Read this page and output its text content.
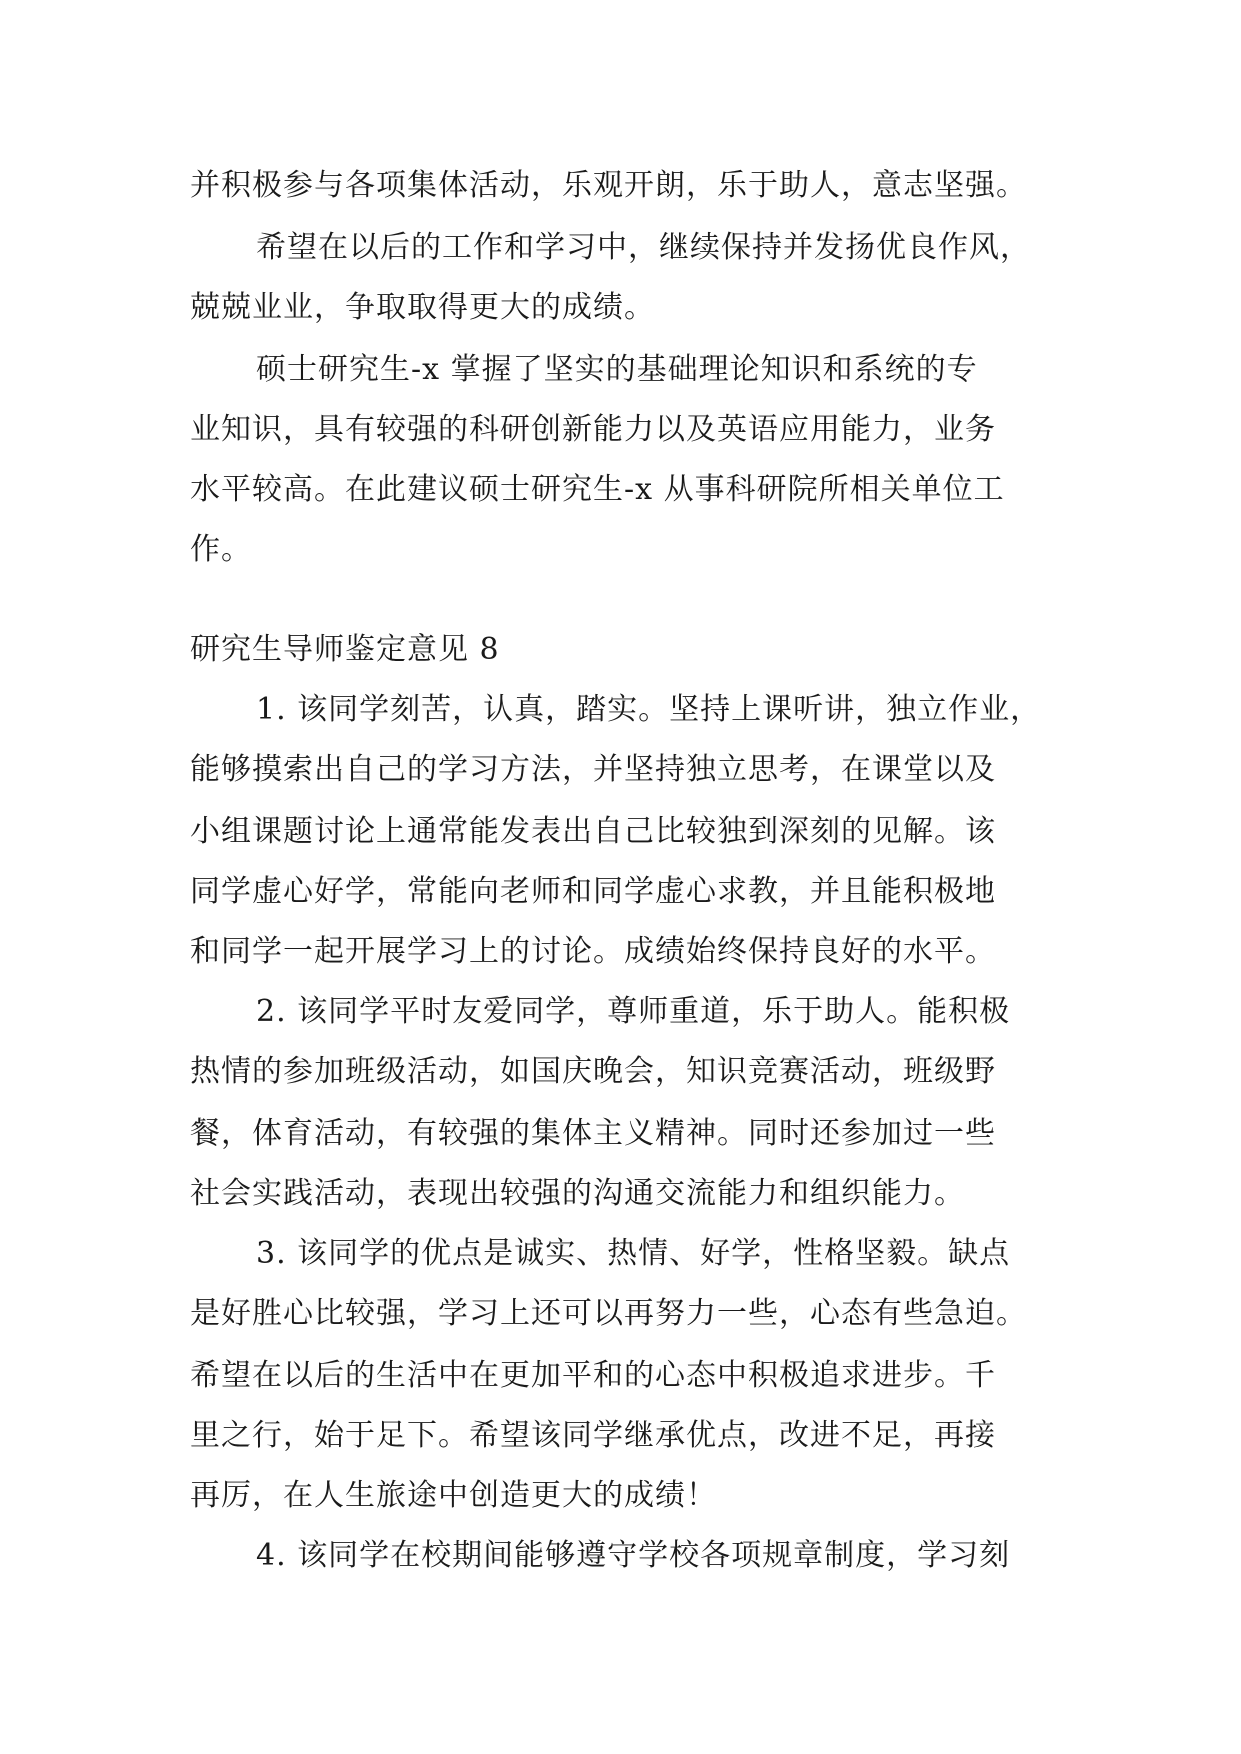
并积极参与各项集体活动，乐观开朗，乐于助人，意志坚强。
希望在以后的工作和学习中，继续保持并发扬优良作风，
兢兢业业，争取取得更大的成绩。
硕士研究生-x 掌握了坚实的基础理论知识和系统的专
业知识，具有较强的科研创新能力以及英语应用能力，业务
水平较高。在此建议硕士研究生-x 从事科研院所相关单位工
作。
研究生导师鉴定意见 8
1. 该同学刻苦，认真，踏实。坚持上课听讲，独立作业，
能够摸索出自己的学习方法，并坚持独立思考，在课堂以及
小组课题讨论上通常能发表出自己比较独到深刻的见解。该
同学虚心好学，常能向老师和同学虚心求教，并且能积极地
和同学一起开展学习上的讨论。成绩始终保持良好的水平。
2. 该同学平时友爱同学，尊师重道，乐于助人。能积极
热情的参加班级活动，如国庆晚会，知识竞赛活动，班级野
餐，体育活动，有较强的集体主义精神。同时还参加过一些
社会实践活动，表现出较强的沟通交流能力和组织能力。
3. 该同学的优点是诚实、热情、好学，性格坚毅。缺点
是好胜心比较强，学习上还可以再努力一些，心态有些急迫。
希望在以后的生活中在更加平和的心态中积极追求进步。千
里之行，始于足下。希望该同学继承优点，改进不足，再接
再厉，在人生旅途中创造更大的成绩！
4. 该同学在校期间能够遵守学校各项规章制度，学习刻
